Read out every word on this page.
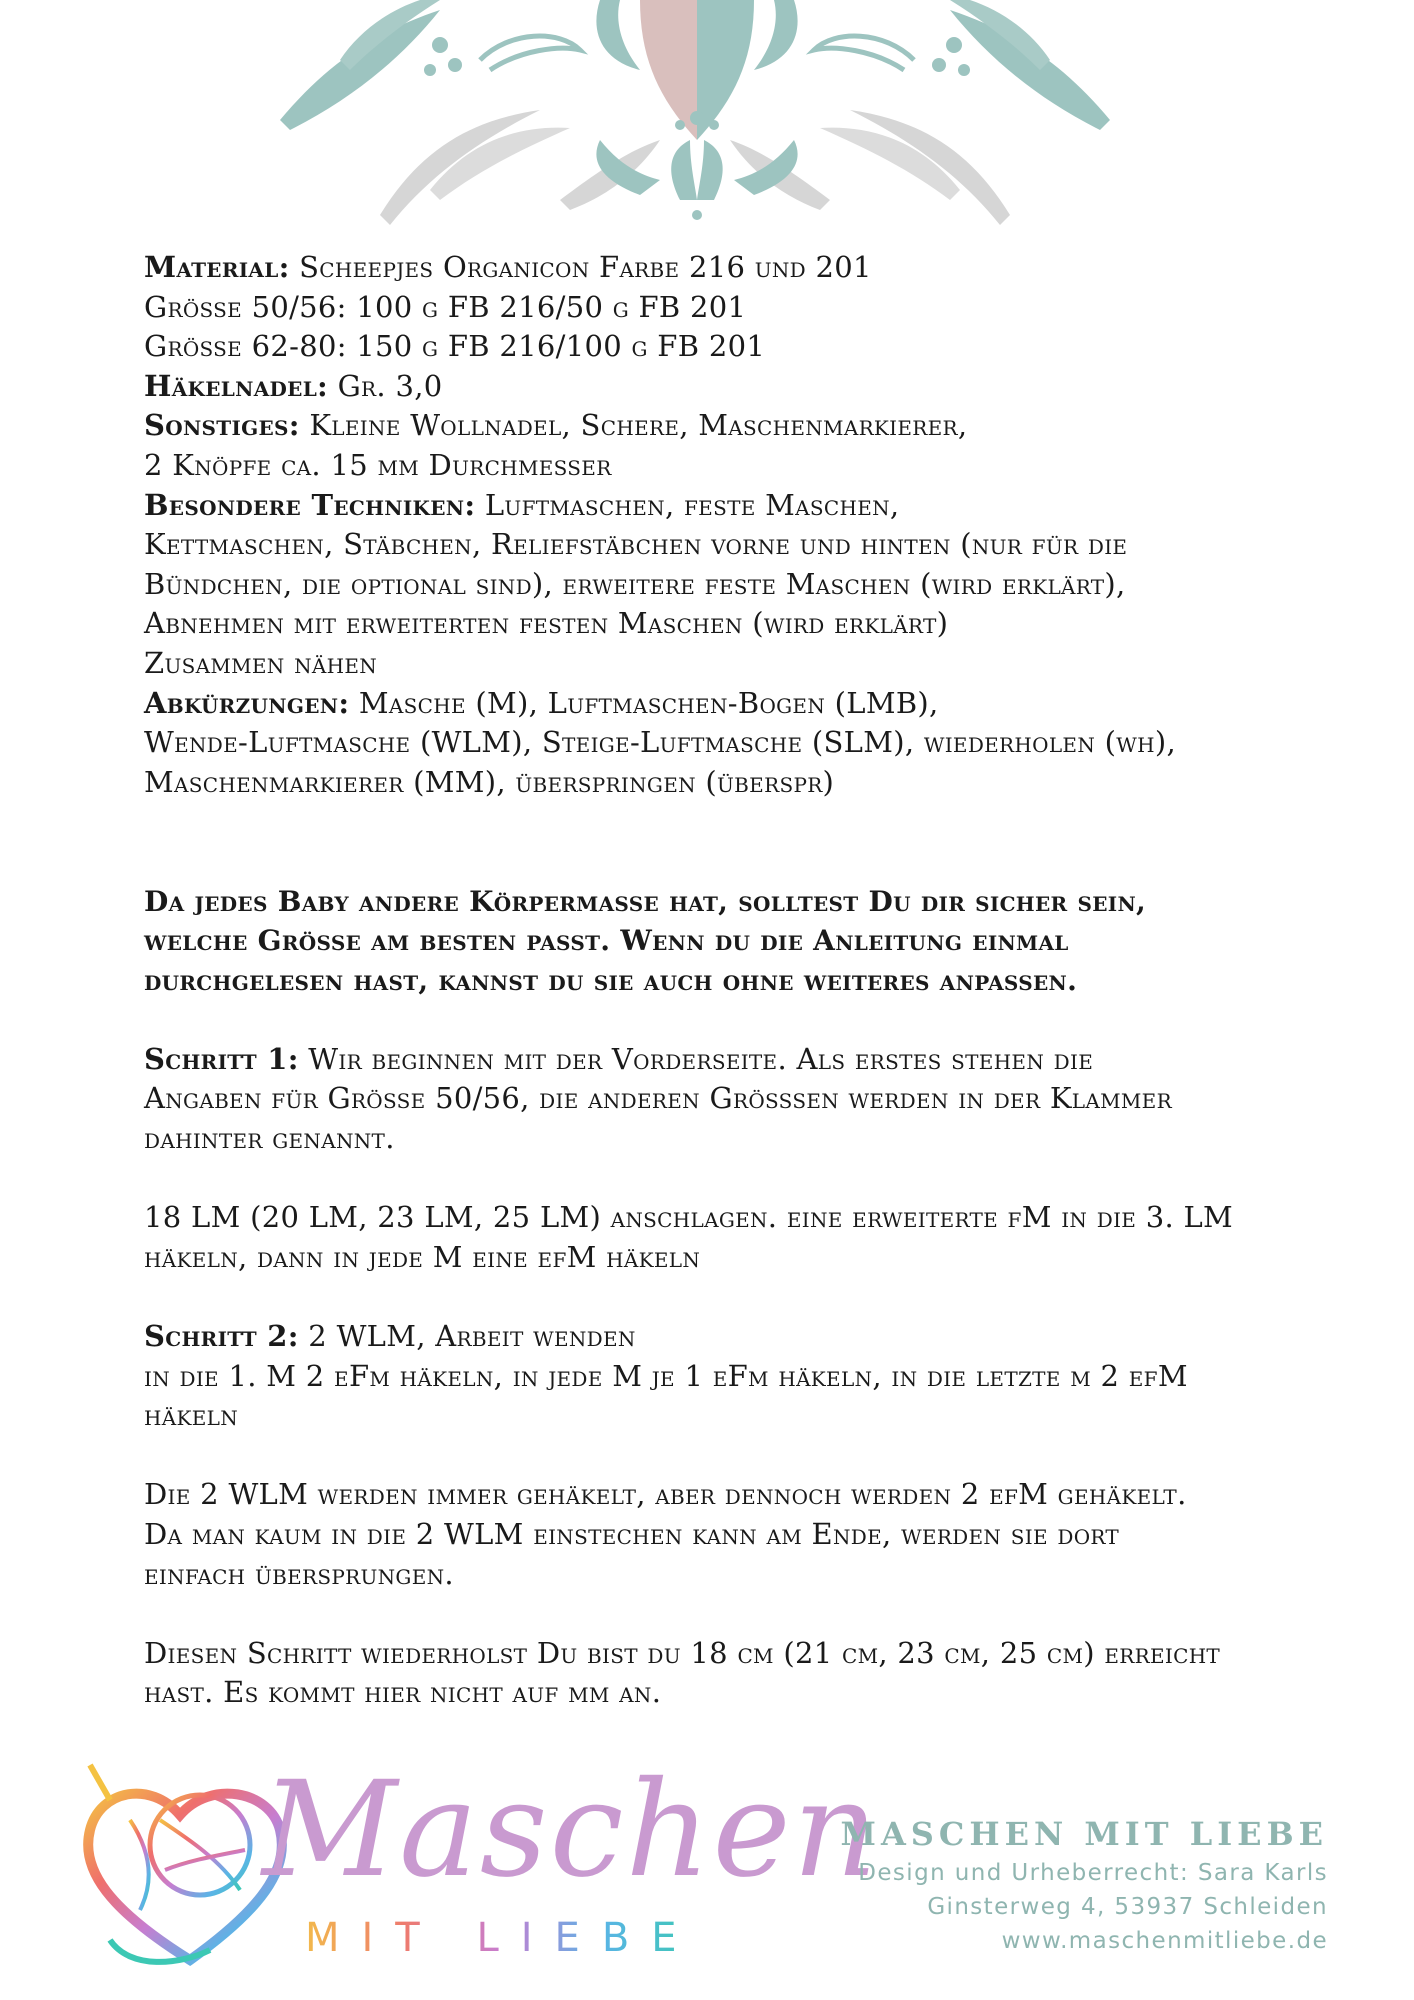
Material: Scheepjes Organicon Farbe 216 und 201
Grösse 50/56: 100 g FB 216/50 g FB 201
Grösse 62-80: 150 g FB 216/100 g FB 201
Häkelnadel: Gr. 3,0
Sonstiges: Kleine Wollnadel, Schere, Maschenmarkierer,
2 Knöpfe ca. 15 mm Durchmesser
Besondere Techniken: Luftmaschen, feste Maschen,
Kettmaschen, Stäbchen, Reliefstäbchen vorne und hinten (nur für die
Bündchen, die optional sind), erweitere feste Maschen (wird erklärt),
Abnehmen mit erweiterten festen Maschen (wird erklärt)
Zusammen nähen
Abkürzungen: Masche (M), Luftmaschen-Bogen (LMB),
Wende-Luftmasche (WLM), Steige-Luftmasche (SLM), wiederholen (wh),
Maschenmarkierer (MM), überspringen (überspr)
Da jedes Baby andere Körpermasse hat, solltest Du dir sicher sein,
welche Grösse am besten passt. Wenn du die Anleitung einmal
durchgelesen hast, kannst du sie auch ohne weiteres anpassen.
Schritt 1: Wir beginnen mit der Vorderseite. Als erstes stehen die
Angaben für Grösse 50/56, die anderen Grösssen werden in der Klammer
dahinter genannt.
18 LM (20 LM, 23 LM, 25 LM) anschlagen. eine erweiterte fM in die 3. LM
häkeln, dann in jede M eine efM häkeln
Schritt 2: 2 WLM, Arbeit wenden
in die 1. M 2 eFm häkeln, in jede M je 1 eFm häkeln, in die letzte m 2 efM
häkeln
Die 2 WLM werden immer gehäkelt, aber dennoch werden 2 efM gehäkelt.
Da man kaum in die 2 WLM einstechen kann am Ende, werden sie dort
einfach übersprungen.
Diesen Schritt wiederholst Du bist du 18 cm (21 cm, 23 cm, 25 cm) erreicht
hast. Es kommt hier nicht auf mm an.
Maschen
MIT LIEBE
MASCHEN MIT LIEBE
Design und Urheberrecht: Sara Karls
Ginsterweg 4, 53937 Schleiden
www.maschenmitliebe.de
